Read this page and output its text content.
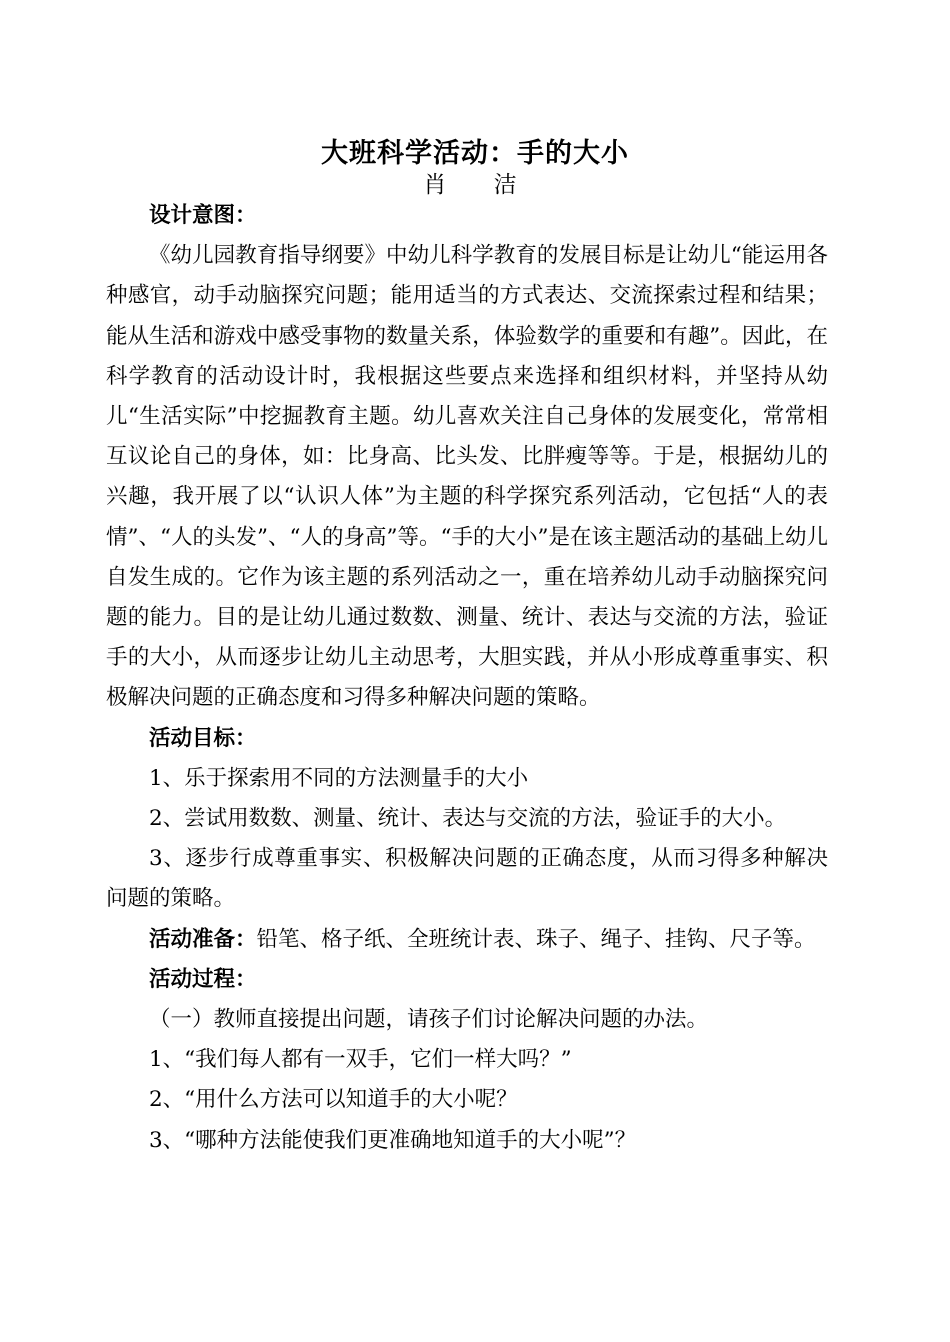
大班科学活动：手的大小
肖 洁

设计意图：

《幼儿园教育指导纲要》中幼儿科学教育的发展目标是让幼儿“能运用各种感官，动手动脑探究问题；能用适当的方式表达、交流探索过程和结果；能从生活和游戏中感受事物的数量关系，体验数学的重要和有趣”。因此，在科学教育的活动设计时，我根据这些要点来选择和组织材料，并坚持从幼儿“生活实际”中挖掘教育主题。幼儿喜欢关注自己身体的发展变化，常常相互议论自己的身体，如：比身高、比头发、比胖瘦等等。于是，根据幼儿的兴趣，我开展了以“认识人体”为主题的科学探究系列活动，它包括“人的表情”、“人的头发”、“人的身高”等。“手的大小”是在该主题活动的基础上幼儿自发生成的。它作为该主题的系列活动之一，重在培养幼儿动手动脑探究问题的能力。目的是让幼儿通过数数、测量、统计、表达与交流的方法，验证手的大小，从而逐步让幼儿主动思考，大胆实践，并从小形成尊重事实、积极解决问题的正确态度和习得多种解决问题的策略。

活动目标：

1、乐于探索用不同的方法测量手的大小

2、尝试用数数、测量、统计、表达与交流的方法，验证手的大小。

3、逐步行成尊重事实、积极解决问题的正确态度，从而习得多种解决问题的策略。

活动准备：铅笔、格子纸、全班统计表、珠子、绳子、挂钩、尺子等。

活动过程：

（一）教师直接提出问题，请孩子们讨论解决问题的办法。

1、“我们每人都有一双手，它们一样大吗？”

2、“用什么方法可以知道手的大小呢？

3、“哪种方法能使我们更准确地知道手的大小呢”？
